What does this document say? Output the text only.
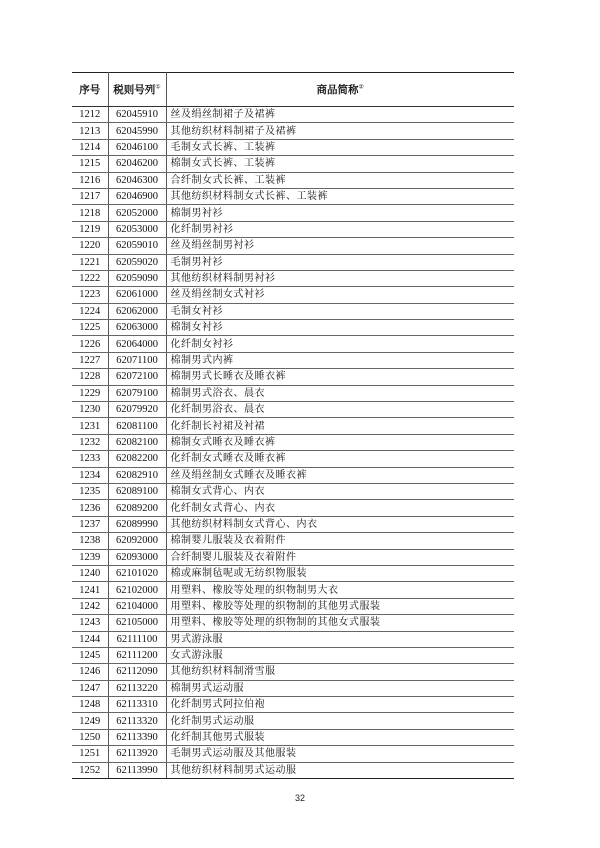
序号	税则号列①	商品简称②
1212	62045910	丝及绢丝制裙子及裙裤
1213	62045990	其他纺织材料制裙子及裙裤
1214	62046100	毛制女式长裤、工装裤
1215	62046200	棉制女式长裤、工装裤
1216	62046300	合纤制女式长裤、工装裤
1217	62046900	其他纺织材料制女式长裤、工装裤
1218	62052000	棉制男衬衫
1219	62053000	化纤制男衬衫
1220	62059010	丝及绢丝制男衬衫
1221	62059020	毛制男衬衫
1222	62059090	其他纺织材料制男衬衫
1223	62061000	丝及绢丝制女式衬衫
1224	62062000	毛制女衬衫
1225	62063000	棉制女衬衫
1226	62064000	化纤制女衬衫
1227	62071100	棉制男式内裤
1228	62072100	棉制男式长睡衣及睡衣裤
1229	62079100	棉制男式浴衣、晨衣
1230	62079920	化纤制男浴衣、晨衣
1231	62081100	化纤制长衬裙及衬裙
1232	62082100	棉制女式睡衣及睡衣裤
1233	62082200	化纤制女式睡衣及睡衣裤
1234	62082910	丝及绢丝制女式睡衣及睡衣裤
1235	62089100	棉制女式背心、内衣
1236	62089200	化纤制女式背心、内衣
1237	62089990	其他纺织材料制女式背心、内衣
1238	62092000	棉制婴儿服装及衣着附件
1239	62093000	合纤制婴儿服装及衣着附件
1240	62101020	棉或麻制毡呢或无纺织物服装
1241	62102000	用塑料、橡胶等处理的织物制男大衣
1242	62104000	用塑料、橡胶等处理的织物制的其他男式服装
1243	62105000	用塑料、橡胶等处理的织物制的其他女式服装
1244	62111100	男式游泳服
1245	62111200	女式游泳服
1246	62112090	其他纺织材料制滑雪服
1247	62113220	棉制男式运动服
1248	62113310	化纤制男式阿拉伯袍
1249	62113320	化纤制男式运动服
1250	62113390	化纤制其他男式服装
1251	62113920	毛制男式运动服及其他服装
1252	62113990	其他纺织材料制男式运动服
32
